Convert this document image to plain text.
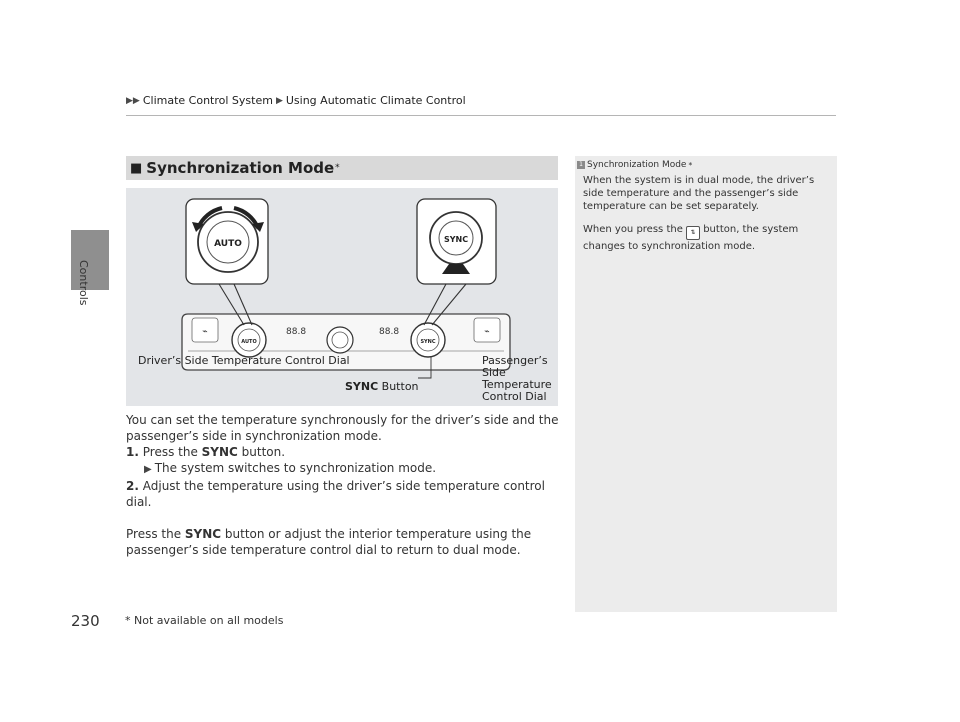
▶▶ Climate Control System ▶ Using Automatic Climate Control
Controls
■ Synchronization Mode *
⌁	⌁
AUTO	SYNC
88.8	88.8
AUTO	SYNC
Driver’s Side Temperature Control Dial
SYNC Button
Passenger’s Side Temperature Control Dial

You can set the temperature synchronously for the driver’s side and the passenger’s side in synchronization mode.

1. Press the SYNC button.

▶ The system switches to synchronization mode.

2. Adjust the temperature using the driver’s side temperature control dial.

Press the SYNC button or adjust the interior temperature using the passenger’s side temperature control dial to return to dual mode.

1 Synchronization Mode *

When the system is in dual mode, the driver’s side temperature and the passenger’s side temperature can be set separately.

When you press the ⇅ button, the system changes to synchronization mode.

230 * Not available on all models
